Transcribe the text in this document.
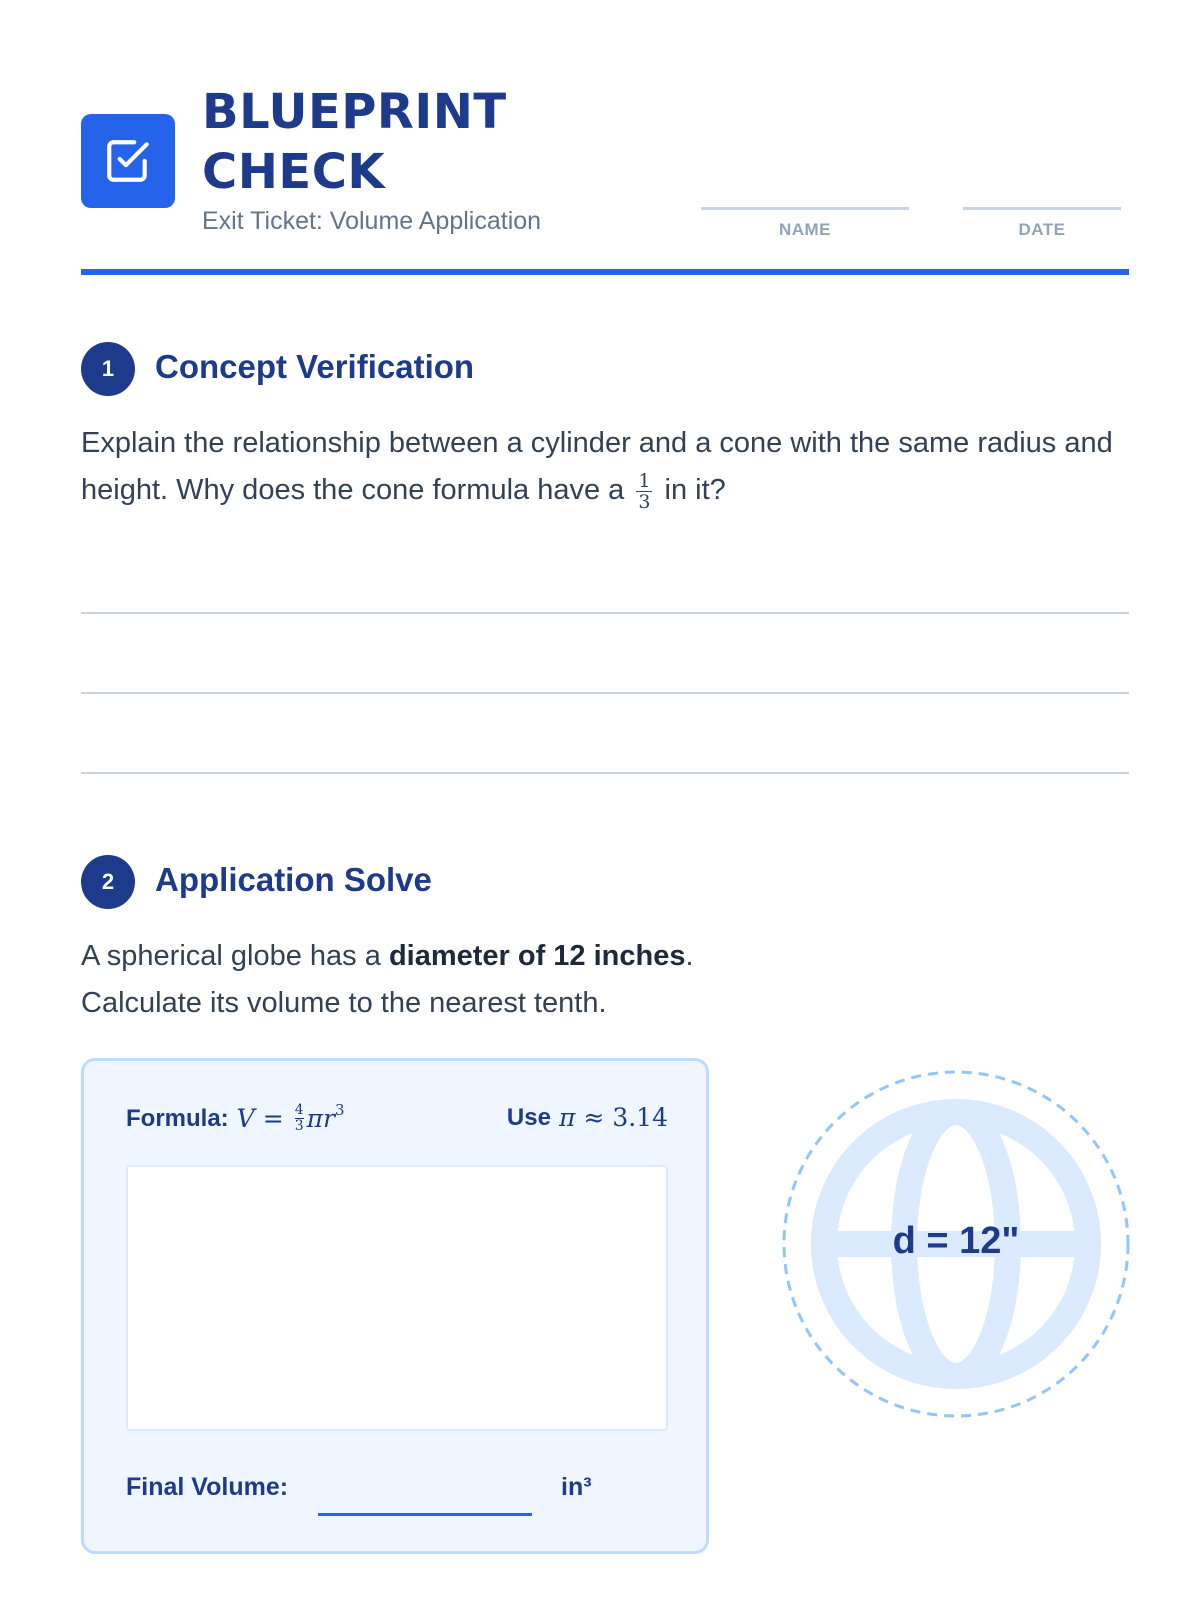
BLUEPRINT
CHECK
Exit Ticket: Volume Application	NAME	DATE
1	Concept Verification
Explain the relationship between a cylinder and a cone with the same radius and height. Why does the cone formula have a $\frac{1}{3}$ in it?
2	Application Solve
A spherical globe has a diameter of 12 inches.
Calculate its volume to the nearest tenth.
Formula: $V = \frac{4}{3} \pi r^3$	Use π ≈ 3.14
Final Volume:	in³
d = 12"
